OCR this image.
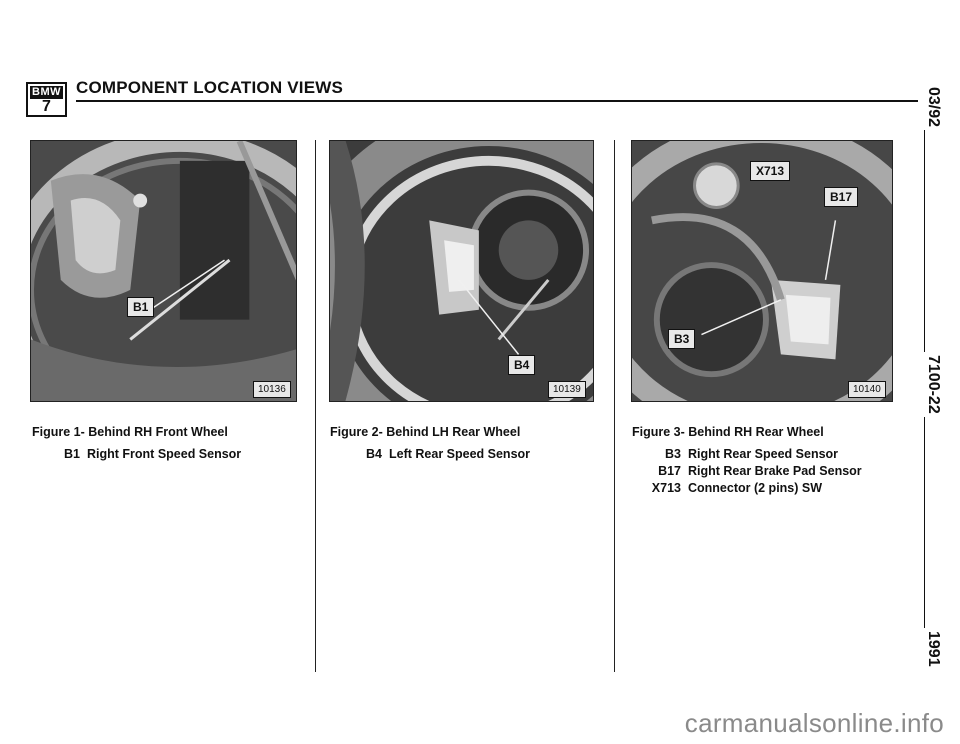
BMW
7
COMPONENT LOCATION VIEWS	03/92
7100-22
1991
B1
10136
B4
10139
X713
B17
B3
10140

Figure 1- Behind RH Front Wheel	Figure 2- Behind LH Rear Wheel	Figure 3- Behind RH Rear Wheel

B1 Right Front Speed Sensor	B4 Left Rear Speed Sensor	B3 Right Rear Speed Sensor
B17 Right Rear Brake Pad Sensor
X713 Connector (2 pins) SW
carmanualsonline.info
